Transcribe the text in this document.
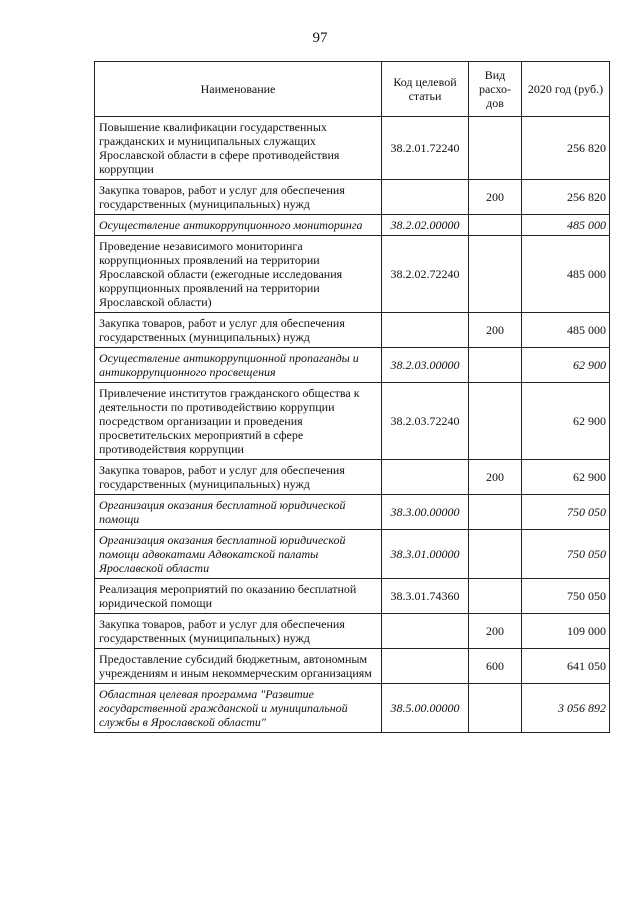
97
Наименование	Код целевой статьи	Вид расхо-дов	2020 год (руб.)
Повышение квалификации государственных гражданских и муниципальных служащих Ярославской области в сфере противодействия коррупции	38.2.01.72240		256 820
Закупка товаров, работ и услуг для обеспечения государственных (муниципальных) нужд		200	256 820
Осуществление антикоррупционного мониторинга	38.2.02.00000		485 000
Проведение независимого мониторинга коррупционных проявлений на территории Ярославской области (ежегодные исследования коррупционных проявлений на территории Ярославской области)	38.2.02.72240		485 000
Закупка товаров, работ и услуг для обеспечения государственных (муниципальных) нужд		200	485 000
Осуществление антикоррупционной пропаганды и антикоррупционного просвещения	38.2.03.00000		62 900
Привлечение институтов гражданского общества к деятельности по противодействию коррупции посредством организации и проведения просветительских мероприятий в сфере противодействия коррупции	38.2.03.72240		62 900
Закупка товаров, работ и услуг для обеспечения государственных (муниципальных) нужд		200	62 900
Организация оказания бесплатной юридической помощи	38.3.00.00000		750 050
Организация оказания бесплатной юридической помощи адвокатами Адвокатской палаты Ярославской области	38.3.01.00000		750 050
Реализация мероприятий по оказанию бесплатной юридической помощи	38.3.01.74360		750 050
Закупка товаров, работ и услуг для обеспечения государственных (муниципальных) нужд		200	109 000
Предоставление субсидий бюджетным, автономным учреждениям и иным некоммерческим организациям		600	641 050
Областная целевая программа "Развитие государственной гражданской и муниципальной службы в Ярославской области"	38.5.00.00000		3 056 892
